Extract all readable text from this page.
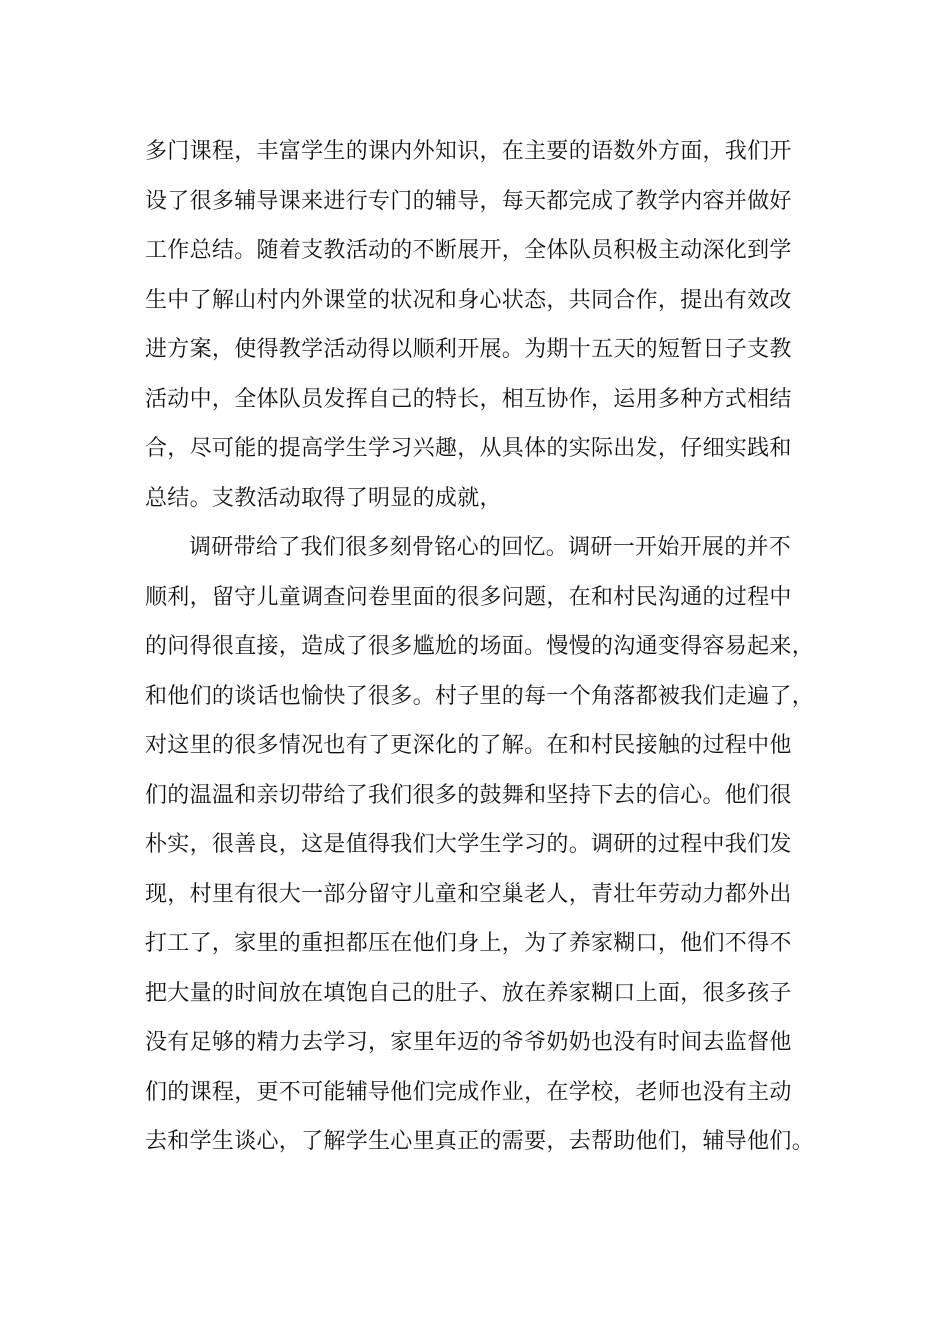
多门课程，丰富学生的课内外知识，在主要的语数外方面，我们开
设了很多辅导课来进行专门的辅导，每天都完成了教学内容并做好
工作总结。随着支教活动的不断展开，全体队员积极主动深化到学
生中了解山村内外课堂的状况和身心状态，共同合作，提出有效改
进方案，使得教学活动得以顺利开展。为期十五天的短暂日子支教
活动中，全体队员发挥自己的特长，相互协作，运用多种方式相结
合，尽可能的提高学生学习兴趣，从具体的实际出发，仔细实践和
总结。支教活动取得了明显的成就，
调研带给了我们很多刻骨铭心的回忆。调研一开始开展的并不
顺利，留守儿童调查问卷里面的很多问题，在和村民沟通的过程中
的问得很直接，造成了很多尴尬的场面。慢慢的沟通变得容易起来，
和他们的谈话也愉快了很多。村子里的每一个角落都被我们走遍了，
对这里的很多情况也有了更深化的了解。在和村民接触的过程中他
们的温温和亲切带给了我们很多的鼓舞和坚持下去的信心。他们很
朴实，很善良，这是值得我们大学生学习的。调研的过程中我们发
现，村里有很大一部分留守儿童和空巢老人，青壮年劳动力都外出
打工了，家里的重担都压在他们身上，为了养家糊口，他们不得不
把大量的时间放在填饱自己的肚子、放在养家糊口上面，很多孩子
没有足够的精力去学习，家里年迈的爷爷奶奶也没有时间去监督他
们的课程，更不可能辅导他们完成作业，在学校，老师也没有主动
去和学生谈心，了解学生心里真正的需要，去帮助他们，辅导他们。
